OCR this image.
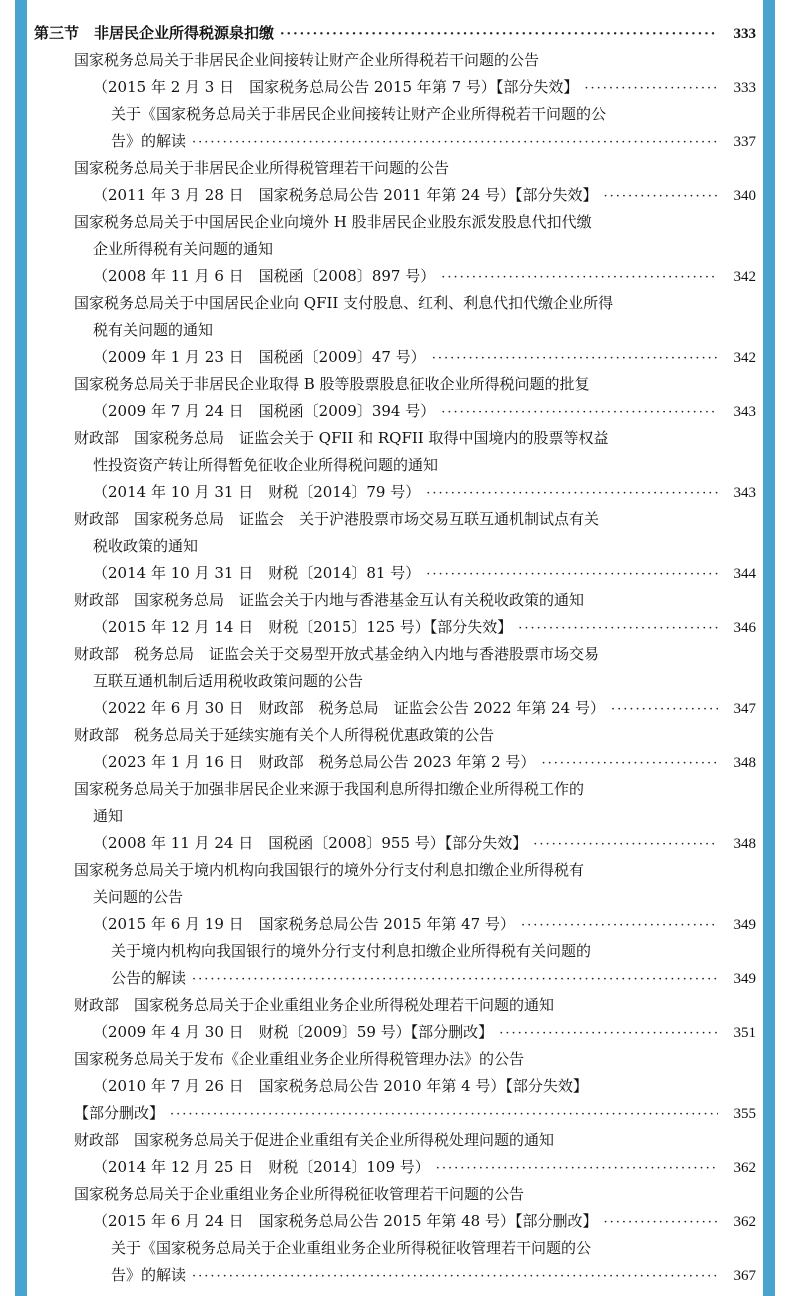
第三节　非居民企业所得税源泉扣缴 ·····	333
国家税务总局关于非居民企业间接转让财产企业所得税若干问题的公告
（2015 年 2 月 3 日　国家税务总局公告 2015 年第 7 号）【部分失效】 ·····	333
关于《国家税务总局关于非居民企业间接转让财产企业所得税若干问题的公
告》的解读 ·····	337
国家税务总局关于非居民企业所得税管理若干问题的公告
（2011 年 3 月 28 日　国家税务总局公告 2011 年第 24 号）【部分失效】 ·····	340
国家税务总局关于中国居民企业向境外 H 股非居民企业股东派发股息代扣代缴
企业所得税有关问题的通知
（2008 年 11 月 6 日　国税函〔2008〕897 号） ·····	342
国家税务总局关于中国居民企业向 QFII 支付股息、红利、利息代扣代缴企业所得
税有关问题的通知
（2009 年 1 月 23 日　国税函〔2009〕47 号） ·····	342
国家税务总局关于非居民企业取得 B 股等股票股息征收企业所得税问题的批复
（2009 年 7 月 24 日　国税函〔2009〕394 号） ·····	343
财政部　国家税务总局　证监会关于 QFII 和 RQFII 取得中国境内的股票等权益
性投资资产转让所得暂免征收企业所得税问题的通知
（2014 年 10 月 31 日　财税〔2014〕79 号） ·····	343
财政部　国家税务总局　证监会　关于沪港股票市场交易互联互通机制试点有关
税收政策的通知
（2014 年 10 月 31 日　财税〔2014〕81 号） ·····	344
财政部　国家税务总局　证监会关于内地与香港基金互认有关税收政策的通知
（2015 年 12 月 14 日　财税〔2015〕125 号）【部分失效】 ·····	346
财政部　税务总局　证监会关于交易型开放式基金纳入内地与香港股票市场交易
互联互通机制后适用税收政策问题的公告
（2022 年 6 月 30 日　财政部　税务总局　证监会公告 2022 年第 24 号） ·····	347
财政部　税务总局关于延续实施有关个人所得税优惠政策的公告
（2023 年 1 月 16 日　财政部　税务总局公告 2023 年第 2 号） ·····	348
国家税务总局关于加强非居民企业来源于我国利息所得扣缴企业所得税工作的
通知
（2008 年 11 月 24 日　国税函〔2008〕955 号）【部分失效】 ·····	348
国家税务总局关于境内机构向我国银行的境外分行支付利息扣缴企业所得税有
关问题的公告
（2015 年 6 月 19 日　国家税务总局公告 2015 年第 47 号） ·····	349
关于境内机构向我国银行的境外分行支付利息扣缴企业所得税有关问题的
公告的解读 ·····	349
财政部　国家税务总局关于企业重组业务企业所得税处理若干问题的通知
（2009 年 4 月 30 日　财税〔2009〕59 号）【部分删改】 ·····	351
国家税务总局关于发布《企业重组业务企业所得税管理办法》的公告
（2010 年 7 月 26 日　国家税务总局公告 2010 年第 4 号）【部分失效】
【部分删改】 ·····	355
财政部　国家税务总局关于促进企业重组有关企业所得税处理问题的通知
（2014 年 12 月 25 日　财税〔2014〕109 号） ·····	362
国家税务总局关于企业重组业务企业所得税征收管理若干问题的公告
（2015 年 6 月 24 日　国家税务总局公告 2015 年第 48 号）【部分删改】 ·····	362
关于《国家税务总局关于企业重组业务企业所得税征收管理若干问题的公
告》的解读 ·····	367
